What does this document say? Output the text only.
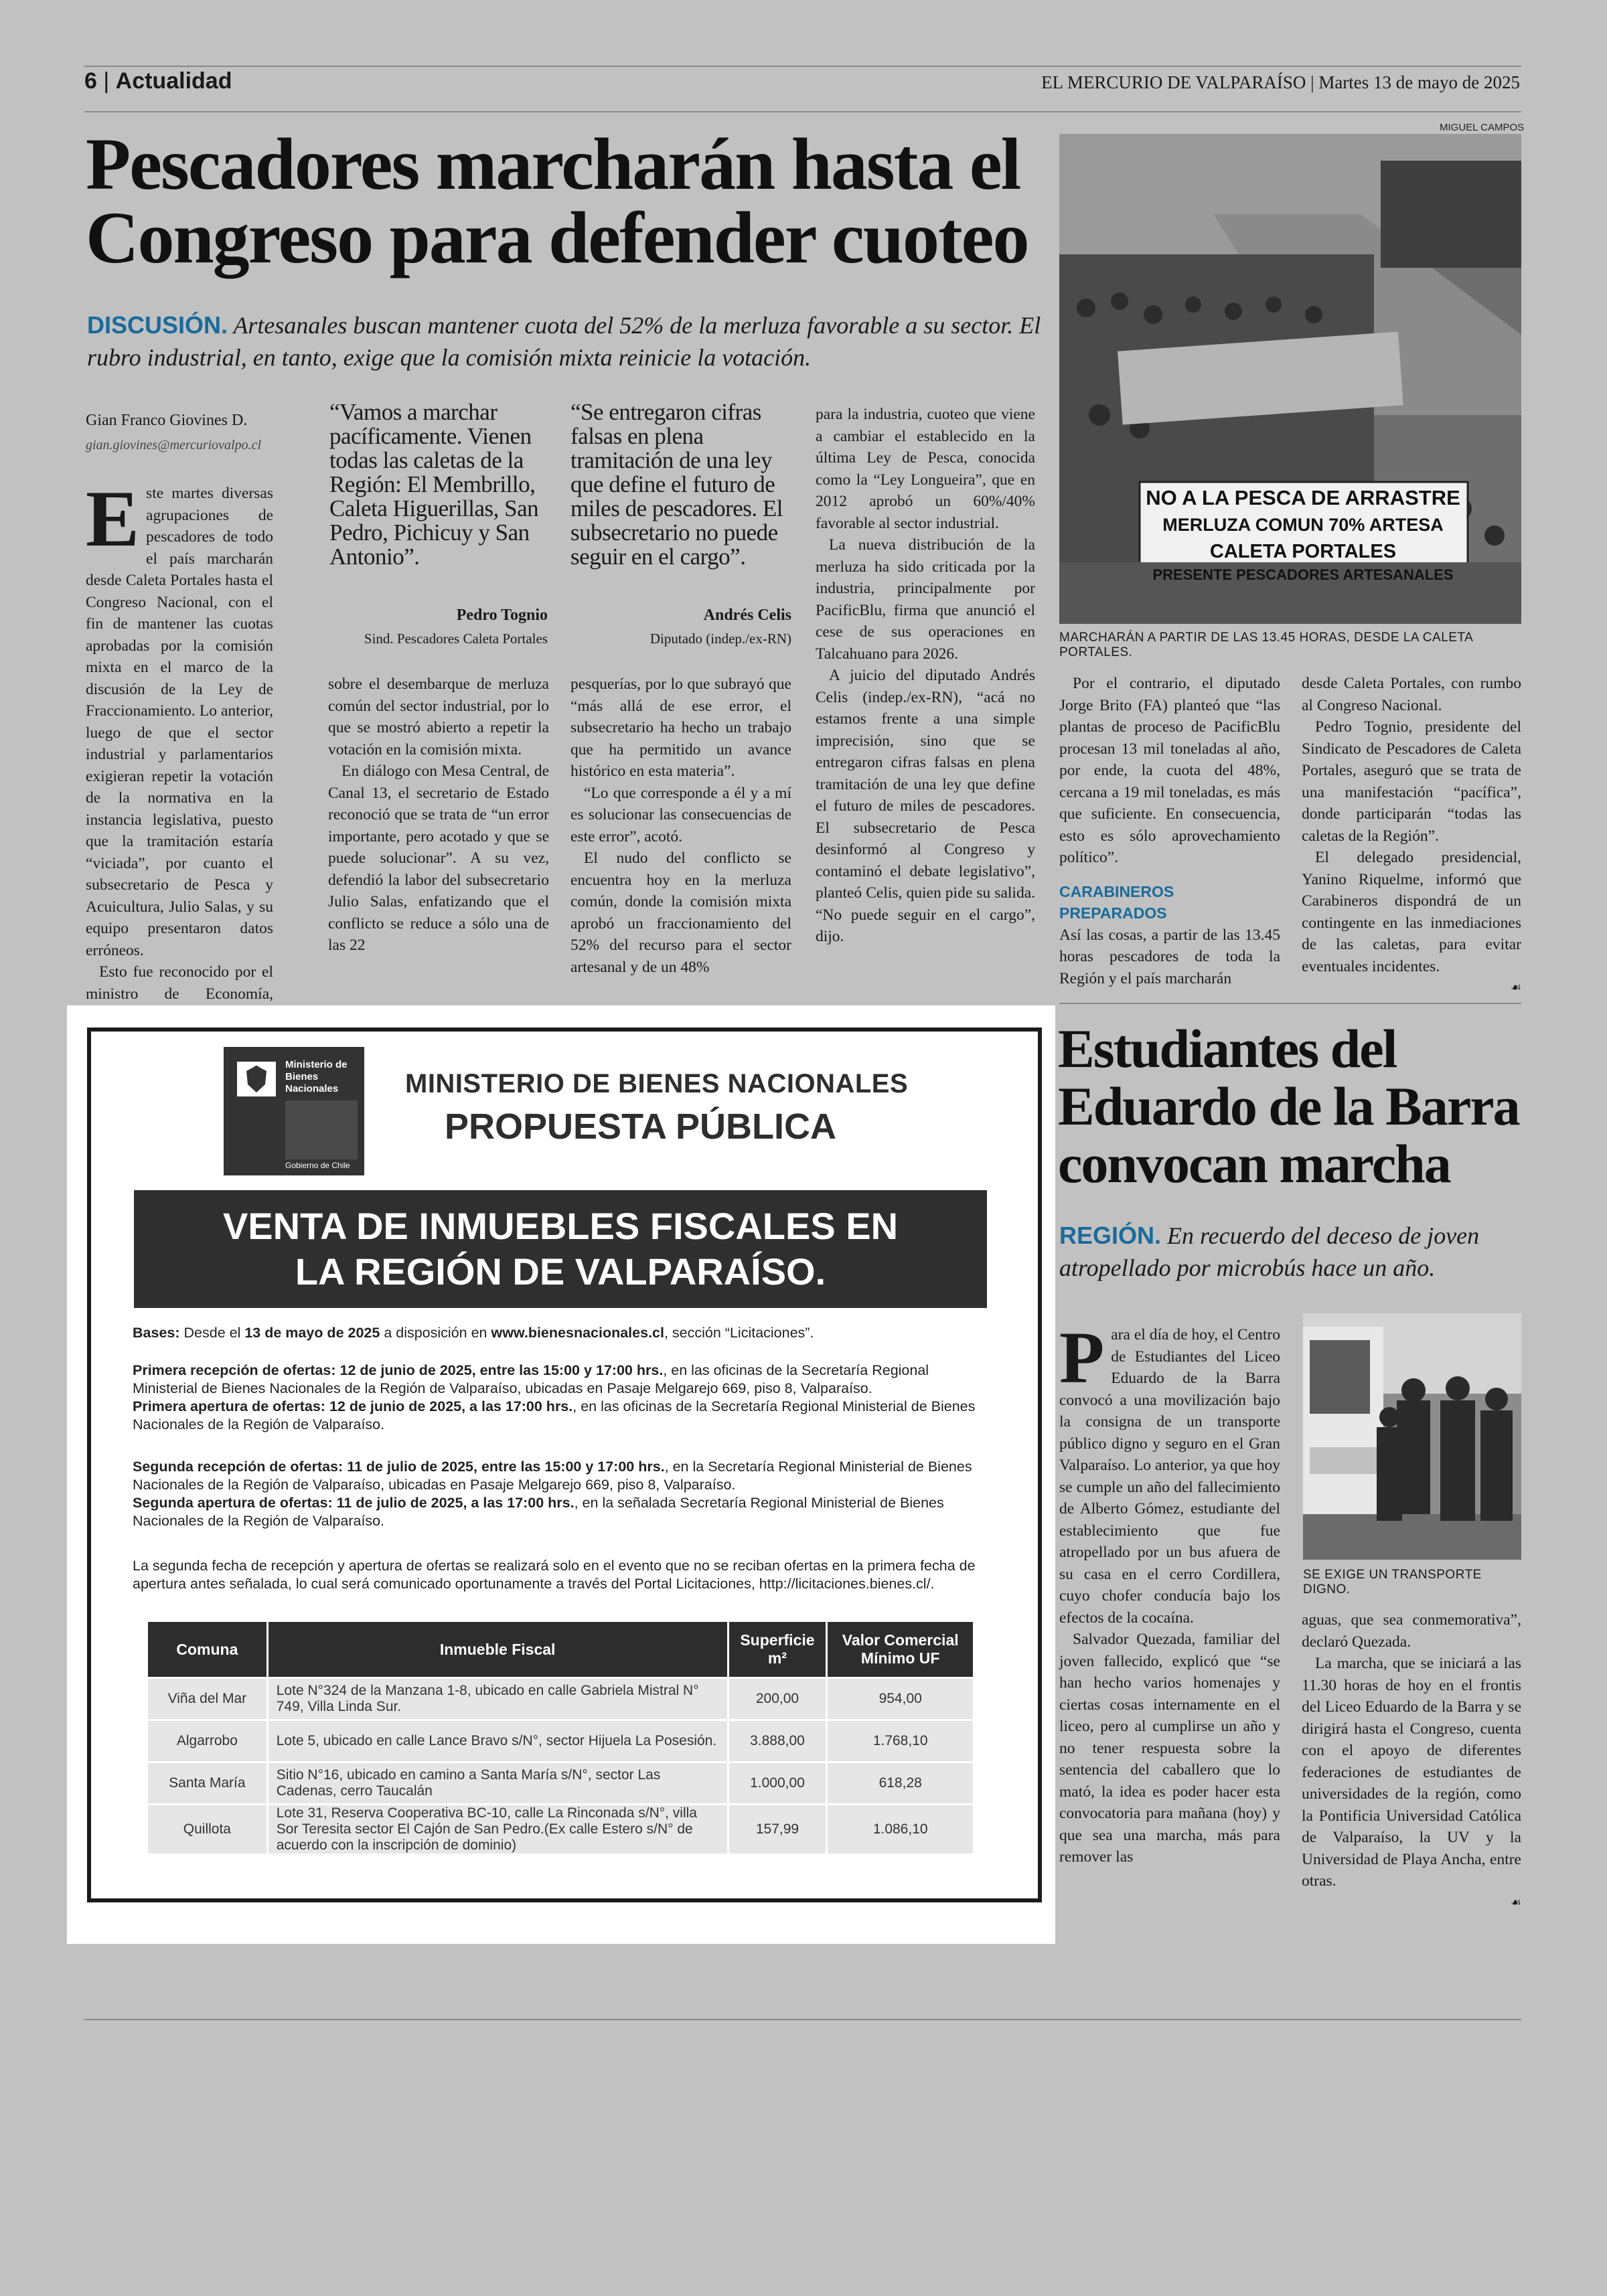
6 | Actualidad	EL MERCURIO DE VALPARAÍSO | Martes 13 de mayo de 2025
Pescadores marcharán hasta el Congreso para defender cuoteo
DISCUSIÓN. Artesanales buscan mantener cuota del 52% de la merluza favorable a su sector. El rubro industrial, en tanto, exige que la comisión mixta reinicie la votación.
Gian Franco Giovines D.
gian.giovines@mercuriovalpo.cl

Este martes diversas agrupaciones de pescadores de todo el país marcharán desde Caleta Portales hasta el Congreso Nacional, con el fin de mantener las cuotas aprobadas por la comisión mixta en el marco de la discusión de la Ley de Fraccionamiento. Lo anterior, luego de que el sector industrial y parlamentarios exigieran repetir la votación de la normativa en la instancia legislativa, puesto que la tramitación estaría “viciada”, por cuanto el subsecretario de Pesca y Acuicultura, Julio Salas, y su equipo presentaron datos erróneos.

Esto fue reconocido por el ministro de Economía,

“Vamos a marchar pacíficamente. Vienen todas las caletas de la Región: El Membrillo, Caleta Higuerillas, San Pedro, Pichicuy y San Antonio”.
Pedro Tognio
Sind. Pescadores Caleta Portales

sobre el desembarque de merluza común del sector industrial, por lo que se mostró abierto a repetir la votación en la comisión mixta.

En diálogo con Mesa Central, de Canal 13, el secretario de Estado reconoció que se trata de “un error importante, pero acotado y que se puede solucionar”. A su vez, defendió la labor del subsecretario Julio Salas, enfatizando que el conflicto se reduce a sólo una de las 22

“Se entregaron cifras falsas en plena tramitación de una ley que define el futuro de miles de pescadores. El subsecretario no puede seguir en el cargo”.
Andrés Celis
Diputado (indep./ex-RN)

pesquerías, por lo que subrayó que “más allá de ese error, el subsecretario ha hecho un trabajo que ha permitido un avance histórico en esta materia”.

“Lo que corresponde a él y a mí es solucionar las consecuencias de este error”, acotó.

El nudo del conflicto se encuentra hoy en la merluza común, donde la comisión mixta aprobó un fraccionamiento del 52% del recurso para el sector artesanal y de un 48%

para la industria, cuoteo que viene a cambiar el establecido en la última Ley de Pesca, conocida como la “Ley Longueira”, que en 2012 aprobó un 60%/40% favorable al sector industrial.

La nueva distribución de la merluza ha sido criticada por la industria, principalmente por PacificBlu, firma que anunció el cese de sus operaciones en Talcahuano para 2026.

A juicio del diputado Andrés Celis (indep./ex-RN), “acá no estamos frente a una simple imprecisión, sino que se entregaron cifras falsas en plena tramitación de una ley que define el futuro de miles de pescadores. El subsecretario de Pesca desinformó al Congreso y contaminó el debate legislativo”, planteó Celis, quien pide su salida. “No puede seguir en el cargo”, dijo.

MIGUEL CAMPOS
NO A LA PESCA DE ARRASTRE
MERLUZA COMUN 70% ARTESA
CALETA PORTALES
PRESENTE PESCADORES ARTESANALES
MARCHARÁN A PARTIR DE LAS 13.45 HORAS, DESDE LA CALETA PORTALES.

Por el contrario, el diputado Jorge Brito (FA) planteó que “las plantas de proceso de PacificBlu procesan 13 mil toneladas al año, por ende, la cuota del 48%, cercana a 19 mil toneladas, es más que suficiente. En consecuencia, esto es sólo aprovechamiento político”.

CARABINEROS PREPARADOS

Así las cosas, a partir de las 13.45 horas pescadores de toda la Región y el país marcharán

desde Caleta Portales, con rumbo al Congreso Nacional.

Pedro Tognio, presidente del Sindicato de Pescadores de Caleta Portales, aseguró que se trata de una manifestación “pacífica”, donde participarán “todas las caletas de la Región”.

El delegado presidencial, Yanino Riquelme, informó que Carabineros dispondrá de un contingente en las inmediaciones de las caletas, para evitar eventuales incidentes.

☙
Ministerio de
Bienes
Nacionales
Gobierno de Chile
MINISTERIO DE BIENES NACIONALES
PROPUESTA PÚBLICA
VENTA DE INMUEBLES FISCALES EN
LA REGIÓN DE VALPARAÍSO.
Bases: Desde el 13 de mayo de 2025 a disposición en www.bienesnacionales.cl, sección “Licitaciones”.
Primera recepción de ofertas: 12 de junio de 2025, entre las 15:00 y 17:00 hrs., en las oficinas de la Secretaría Regional Ministerial de Bienes Nacionales de la Región de Valparaíso, ubicadas en Pasaje Melgarejo 669, piso 8, Valparaíso.
Primera apertura de ofertas: 12 de junio de 2025, a las 17:00 hrs., en las oficinas de la Secretaría Regional Ministerial de Bienes Nacionales de la Región de Valparaíso.
Segunda recepción de ofertas: 11 de julio de 2025, entre las 15:00 y 17:00 hrs., en la Secretaría Regional Ministerial de Bienes Nacionales de la Región de Valparaíso, ubicadas en Pasaje Melgarejo 669, piso 8, Valparaíso.
Segunda apertura de ofertas: 11 de julio de 2025, a las 17:00 hrs., en la señalada Secretaría Regional Ministerial de Bienes Nacionales de la Región de Valparaíso.
La segunda fecha de recepción y apertura de ofertas se realizará solo en el evento que no se reciban ofertas en la primera fecha de apertura antes señalada, lo cual será comunicado oportunamente a través del Portal Licitaciones, http://licitaciones.bienes.cl/.
Comuna	Inmueble Fiscal	Superficie m²	Valor Comercial Mínimo UF
Viña del Mar	Lote N°324 de la Manzana 1-8, ubicado en calle Gabriela Mistral N° 749, Villa Linda Sur.	200,00	954,00
Algarrobo	Lote 5, ubicado en calle Lance Bravo s/N°, sector Hijuela La Posesión.	3.888,00	1.768,10
Santa María	Sitio N°16, ubicado en camino a Santa María s/N°, sector Las Cadenas, cerro Taucalán	1.000,00	618,28
Quillota	Lote 31, Reserva Cooperativa BC-10, calle La Rinconada s/N°, villa Sor Teresita sector El Cajón de San Pedro.(Ex calle Estero s/N° de acuerdo con la inscripción de dominio)	157,99	1.086,10
Estudiantes del Eduardo de la Barra convocan marcha
REGIÓN. En recuerdo del deceso de joven atropellado por microbús hace un año.

Para el día de hoy, el Centro de Estudiantes del Liceo Eduardo de la Barra convocó a una movilización bajo la consigna de un transporte público digno y seguro en el Gran Valparaíso. Lo anterior, ya que hoy se cumple un año del fallecimiento de Alberto Gómez, estudiante del establecimiento que fue atropellado por un bus afuera de su casa en el cerro Cordillera, cuyo chofer conducía bajo los efectos de la cocaína.

Salvador Quezada, familiar del joven fallecido, explicó que “se han hecho varios homenajes y ciertas cosas internamente en el liceo, pero al cumplirse un año y no tener respuesta sobre la sentencia del caballero que lo mató, la idea es poder hacer esta convocatoria para mañana (hoy) y que sea una marcha, más para remover las

SE EXIGE UN TRANSPORTE DIGNO.

aguas, que sea conmemorativa”, declaró Quezada.

La marcha, que se iniciará a las 11.30 horas de hoy en el frontis del Liceo Eduardo de la Barra y se dirigirá hasta el Congreso, cuenta con el apoyo de diferentes federaciones de estudiantes de universidades de la región, como la Pontificia Universidad Católica de Valparaíso, la UV y la Universidad de Playa Ancha, entre otras.

☙
